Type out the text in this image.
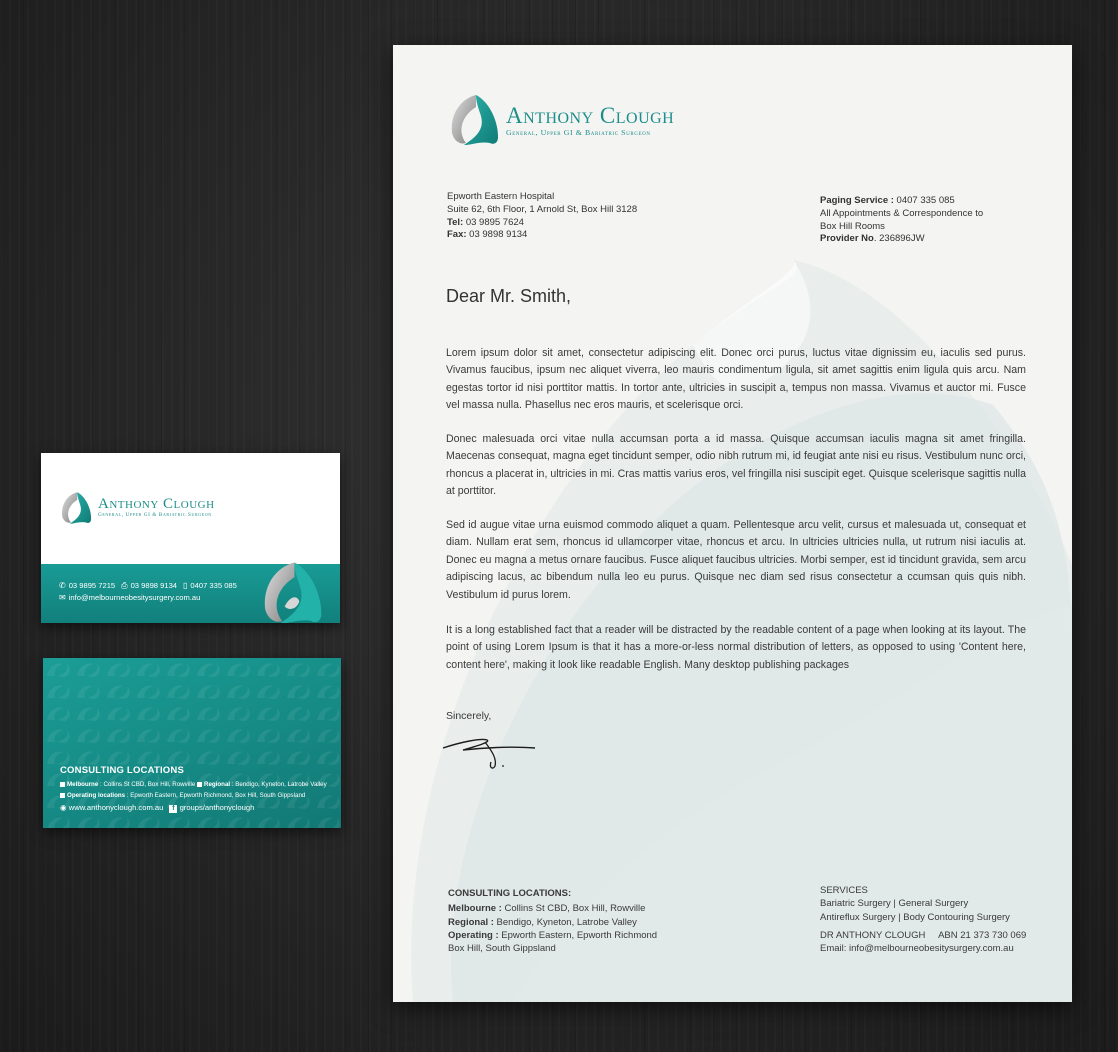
Anthony Clough
General, Upper GI & Bariatric Surgeon
Epworth Eastern Hospital
Suite 62, 6th Floor, 1 Arnold St, Box Hill 3128
Tel: 03 9895 7624
Fax: 03 9898 9134
Paging Service : 0407 335 085
All Appointments & Correspondence to
Box Hill Rooms
Provider No. 236896JW
Dear Mr. Smith,

Lorem ipsum dolor sit amet, consectetur adipiscing elit. Donec orci purus, luctus vitae dignissim eu, iaculis sed purus. Vivamus faucibus, ipsum nec aliquet viverra, leo mauris condimentum ligula, sit amet sagittis enim ligula quis arcu. Nam egestas tortor id nisi porttitor mattis. In tortor ante, ultricies in suscipit a, tempus non massa. Vivamus et auctor mi. Fusce vel massa nulla. Phasellus nec eros mauris, et scelerisque orci.

Donec malesuada orci vitae nulla accumsan porta a id massa. Quisque accumsan iaculis magna sit amet fringilla. Maecenas consequat, magna eget tincidunt semper, odio nibh rutrum mi, id feugiat ante nisi eu risus. Vestibulum nunc orci, rhoncus a placerat in, ultricies in mi. Cras mattis varius eros, vel fringilla nisi suscipit eget. Quisque scelerisque sagittis nulla at porttitor.

Sed id augue vitae urna euismod commodo aliquet a quam. Pellentesque arcu velit, cursus et malesuada ut, consequat et diam. Nullam erat sem, rhoncus id ullamcorper vitae, rhoncus et arcu. In ultricies ultricies nulla, ut rutrum nisi iaculis at. Donec eu magna a metus ornare faucibus. Fusce aliquet faucibus ultricies. Morbi semper, est id tincidunt gravida, sem arcu adipiscing lacus, ac bibendum nulla leo eu purus. Quisque nec diam sed risus consectetur a ccumsan quis quis nibh. Vestibulum id purus lorem.

It is a long established fact that a reader will be distracted by the readable content of a page when looking at its layout. The point of using Lorem Ipsum is that it has a more-or-less normal distribution of letters, as opposed to using 'Content here, content here', making it look like readable English. Many desktop publishing packages

Sincerely,
CONSULTING LOCATIONS:
Melbourne : Collins St CBD, Box Hill, Rowville
Regional : Bendigo, Kyneton, Latrobe Valley
Operating : Epworth Eastern, Epworth Richmond
Box Hill, South Gippsland
SERVICES
Bariatric Surgery | General Surgery
Antireflux Surgery | Body Contouring Surgery
DR ANTHONY CLOUGH     ABN 21 373 730 069
Email: info@melbourneobesitysurgery.com.au
Anthony Clough
General, Upper GI & Bariatric Surgeon
✆ 03 9895 7215 ⎙ 03 9898 9134 ▯ 0407 335 085
✉ info@melbourneobesitysurgery.com.au
CONSULTING LOCATIONS
Melbourne : Collins St CBD, Box Hill, Rowville Regional : Bendigo, Kyneton, Latrobe Valley
Operating locations : Epworth Eastern, Epworth Richmond, Box Hill, South Gippsland
◉ www.anthonyclough.com.au f groups/anthonyclough
